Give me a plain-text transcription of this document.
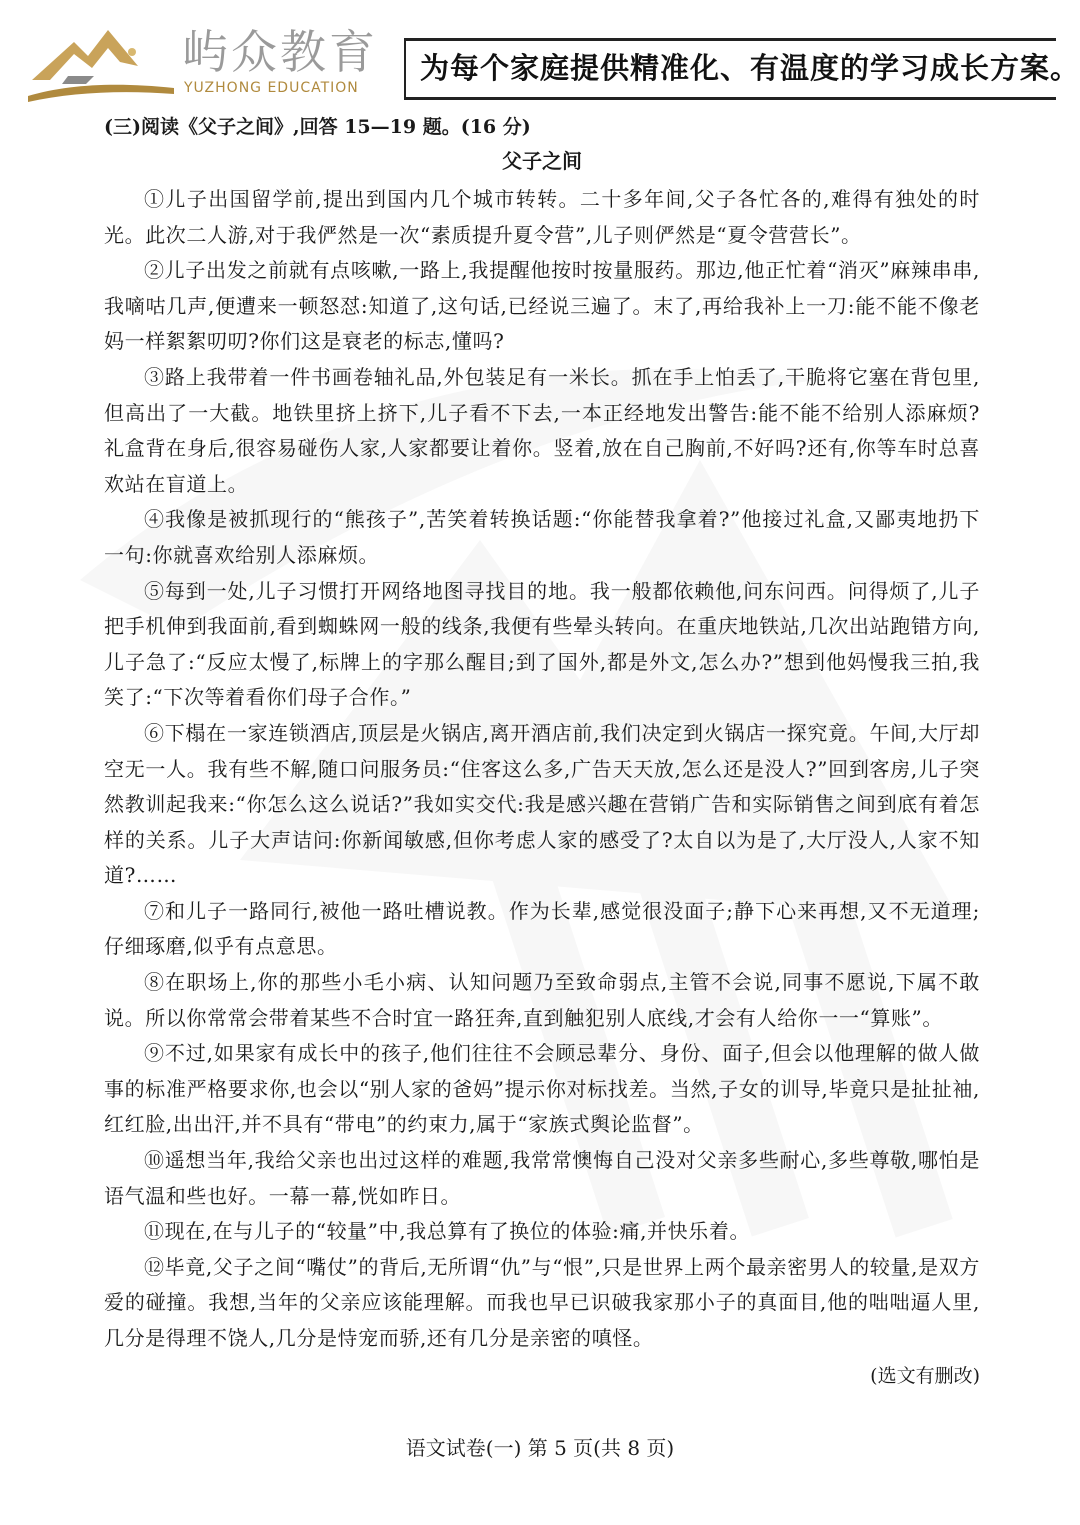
屿众教育
YUZHONG EDUCATION
为每个家庭提供精准化、有温度的学习成长方案。
(三)阅读《父子之间》,回答 15—19 题。(16 分)
父子之间

①儿子出国留学前,提出到国内几个城市转转。二十多年间,父子各忙各的,难得有独处的时光。此次二人游,对于我俨然是一次“素质提升夏令营”,儿子则俨然是“夏令营营长”。

②儿子出发之前就有点咳嗽,一路上,我提醒他按时按量服药。那边,他正忙着“消灭”麻辣串串,我嘀咕几声,便遭来一顿怒怼:知道了,这句话,已经说三遍了。末了,再给我补上一刀:能不能不像老妈一样絮絮叨叨?你们这是衰老的标志,懂吗?

③路上我带着一件书画卷轴礼品,外包装足有一米长。抓在手上怕丢了,干脆将它塞在背包里,但高出了一大截。地铁里挤上挤下,儿子看不下去,一本正经地发出警告:能不能不给别人添麻烦?礼盒背在身后,很容易碰伤人家,人家都要让着你。竖着,放在自己胸前,不好吗?还有,你等车时总喜欢站在盲道上。

④我像是被抓现行的“熊孩子”,苦笑着转换话题:“你能替我拿着?”他接过礼盒,又鄙夷地扔下一句:你就喜欢给别人添麻烦。

⑤每到一处,儿子习惯打开网络地图寻找目的地。我一般都依赖他,问东问西。问得烦了,儿子把手机伸到我面前,看到蜘蛛网一般的线条,我便有些晕头转向。在重庆地铁站,几次出站跑错方向,儿子急了:“反应太慢了,标牌上的字那么醒目;到了国外,都是外文,怎么办?”想到他妈慢我三拍,我笑了:“下次等着看你们母子合作。”

⑥下榻在一家连锁酒店,顶层是火锅店,离开酒店前,我们决定到火锅店一探究竟。午间,大厅却空无一人。我有些不解,随口问服务员:“住客这么多,广告天天放,怎么还是没人?”回到客房,儿子突然教训起我来:“你怎么这么说话?”我如实交代:我是感兴趣在营销广告和实际销售之间到底有着怎样的关系。儿子大声诘问:你新闻敏感,但你考虑人家的感受了?太自以为是了,大厅没人,人家不知道?……

⑦和儿子一路同行,被他一路吐槽说教。作为长辈,感觉很没面子;静下心来再想,又不无道理;仔细琢磨,似乎有点意思。

⑧在职场上,你的那些小毛小病、认知问题乃至致命弱点,主管不会说,同事不愿说,下属不敢说。所以你常常会带着某些不合时宜一路狂奔,直到触犯别人底线,才会有人给你一一“算账”。

⑨不过,如果家有成长中的孩子,他们往往不会顾忌辈分、身份、面子,但会以他理解的做人做事的标准严格要求你,也会以“别人家的爸妈”提示你对标找差。当然,子女的训导,毕竟只是扯扯袖,红红脸,出出汗,并不具有“带电”的约束力,属于“家族式舆论监督”。

⑩遥想当年,我给父亲也出过这样的难题,我常常懊悔自己没对父亲多些耐心,多些尊敬,哪怕是语气温和些也好。一幕一幕,恍如昨日。

⑪现在,在与儿子的“较量”中,我总算有了换位的体验:痛,并快乐着。

⑫毕竟,父子之间“嘴仗”的背后,无所谓“仇”与“恨”,只是世界上两个最亲密男人的较量,是双方爱的碰撞。我想,当年的父亲应该能理解。而我也早已识破我家那小子的真面目,他的咄咄逼人里,几分是得理不饶人,几分是恃宠而骄,还有几分是亲密的嗔怪。

(选文有删改)
语文试卷(一) 第 5 页(共 8 页)
